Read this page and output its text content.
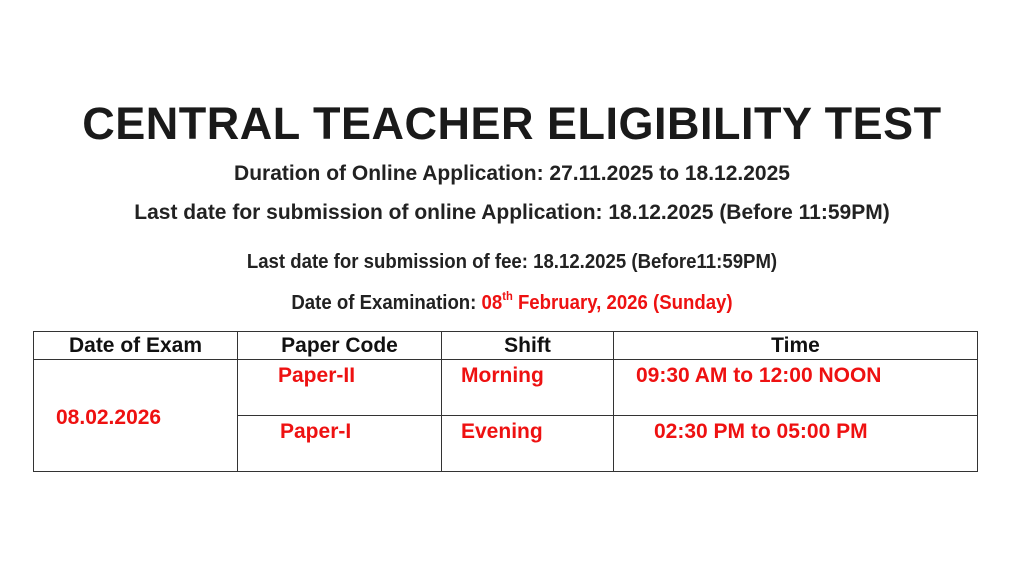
CENTRAL TEACHER ELIGIBILITY TEST
Duration of Online Application: 27.11.2025 to 18.12.2025
Last date for submission of online Application: 18.12.2025 (Before 11:59PM)
Last date for submission of fee: 18.12.2025 (Before11:59PM)
Date of Examination: 08th February, 2026 (Sunday)
Date of Exam	Paper Code	Shift	Time
08.02.2026	Paper-II	Morning	09:30 AM to 12:00 NOON
	Paper-I	Evening	02:30 PM to 05:00 PM
